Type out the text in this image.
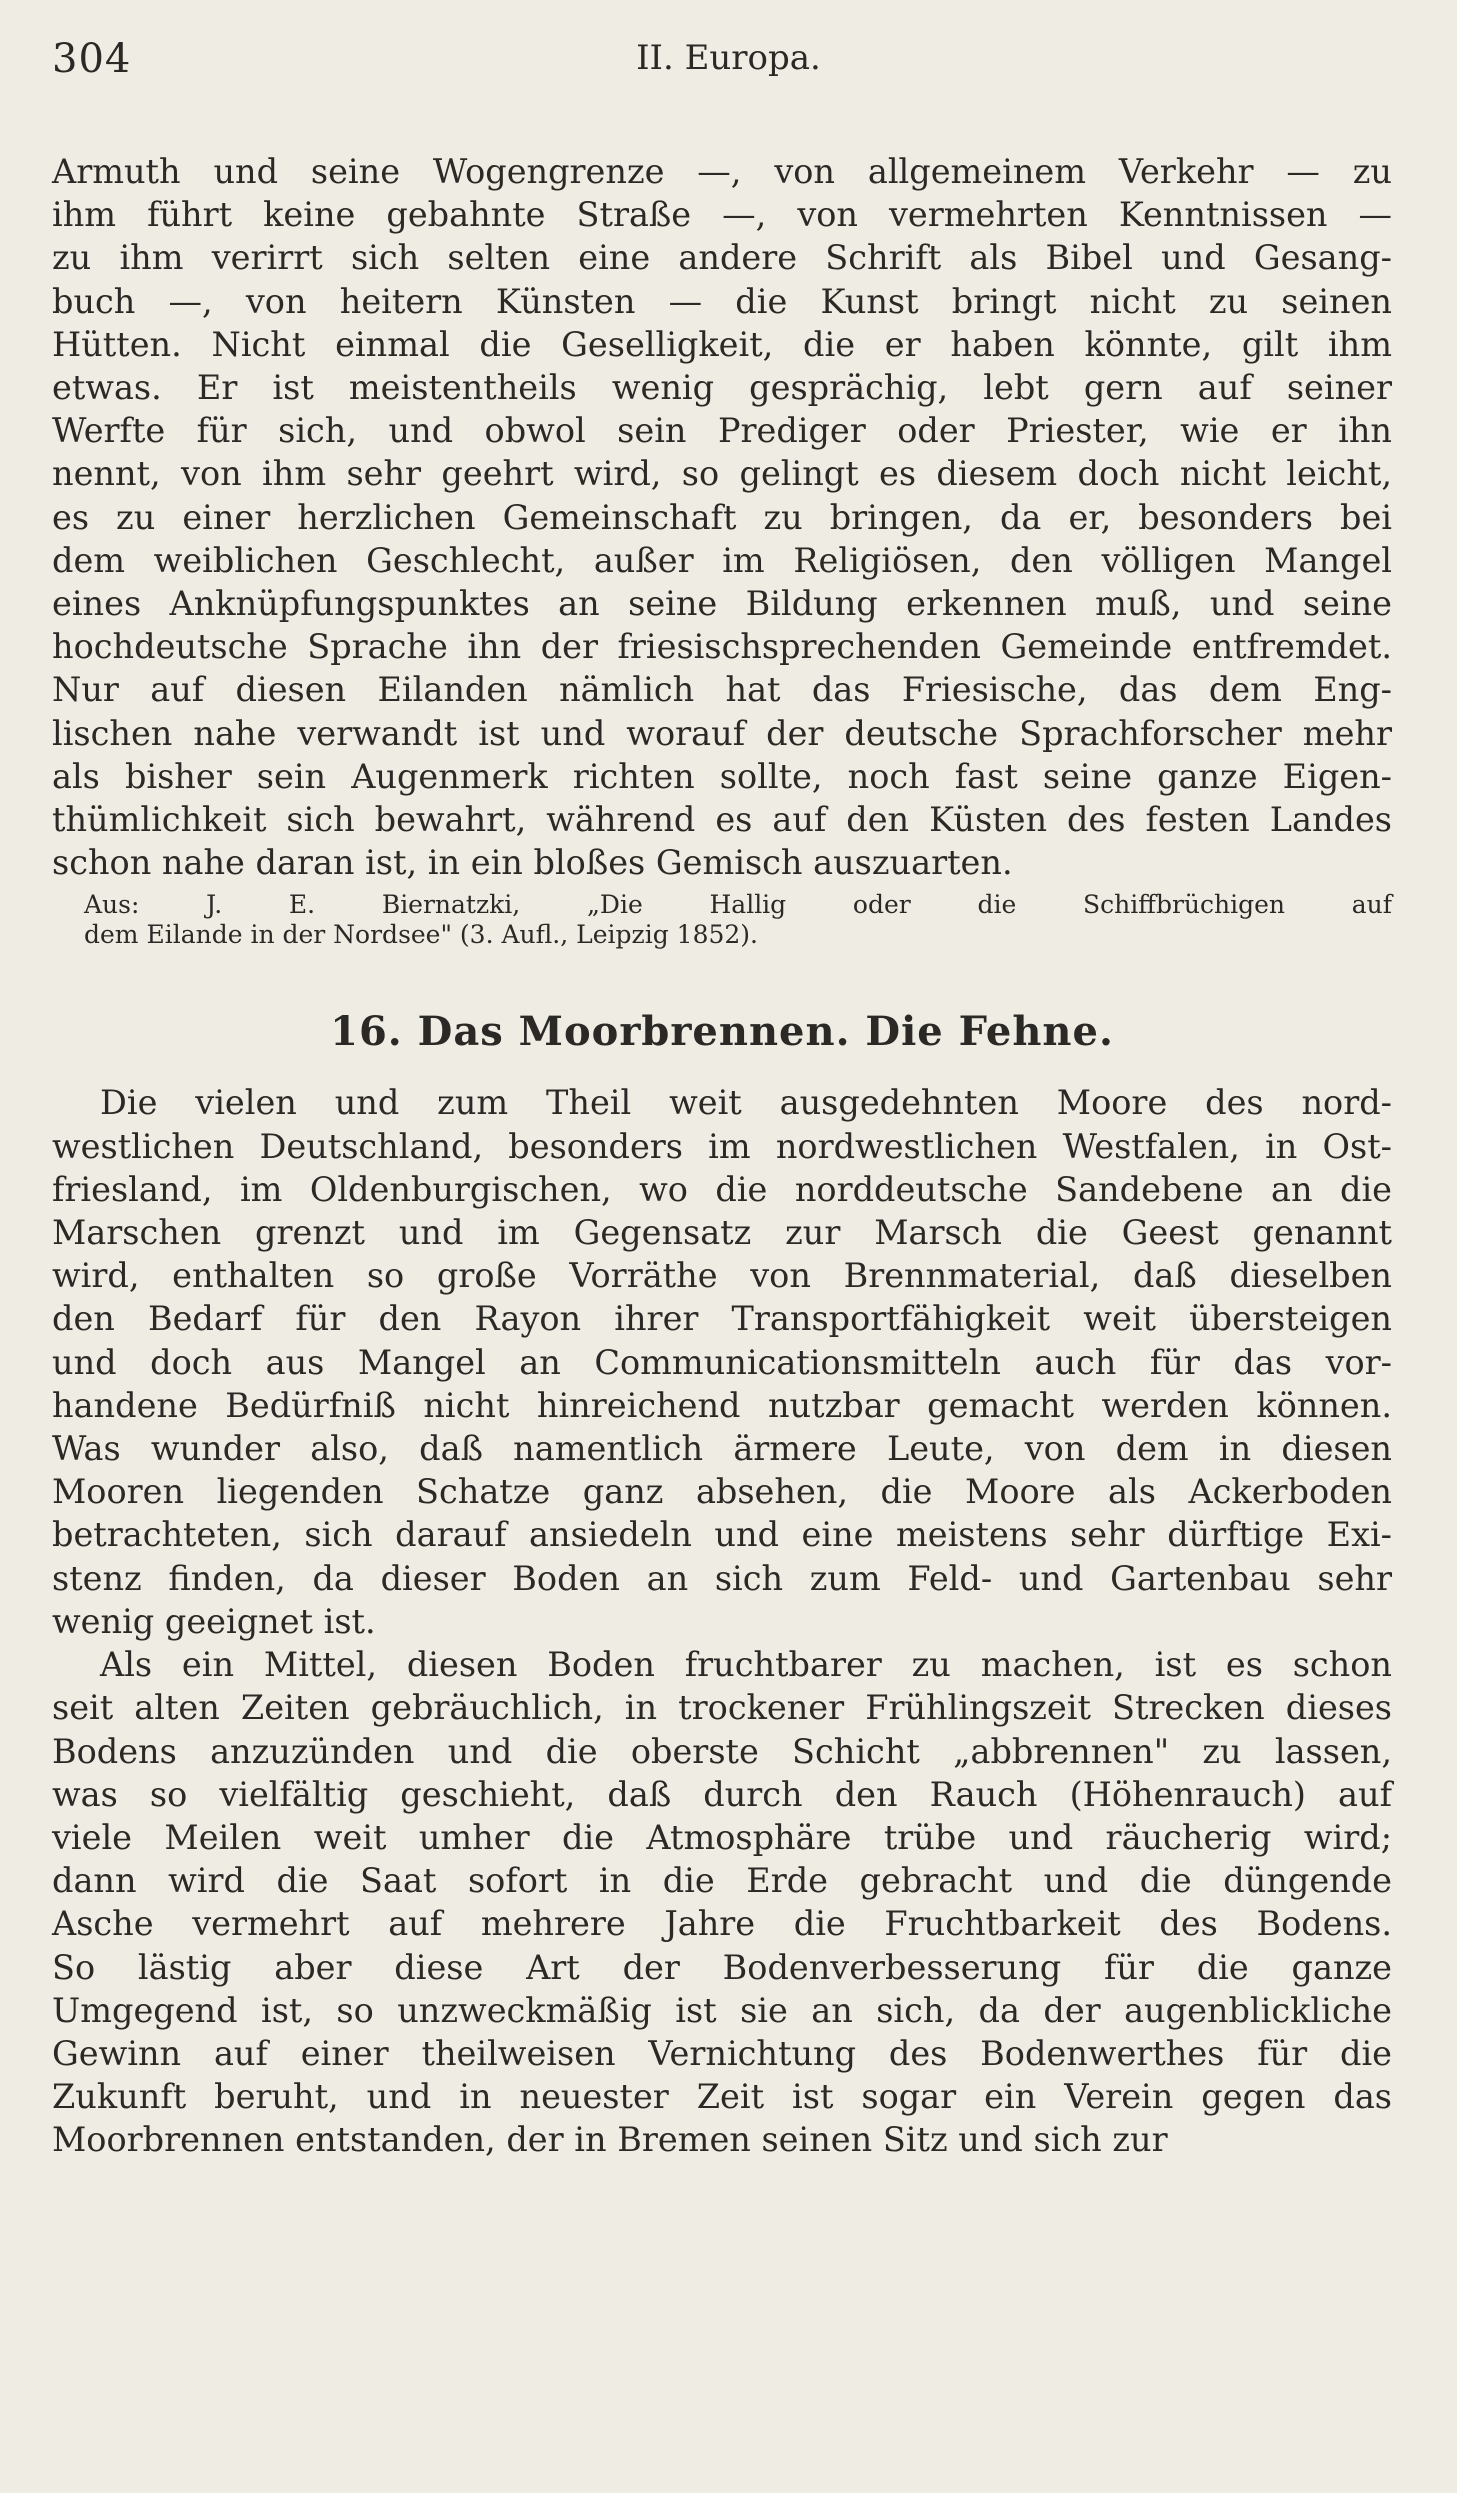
304	II. Europa.

Armuth und seine Wogengrenze —, von allgemeinem Verkehr — zu
ihm führt keine gebahnte Straße —, von vermehrten Kenntnissen —
zu ihm verirrt sich selten eine andere Schrift als Bibel und Gesang-
buch —, von heitern Künsten — die Kunst bringt nicht zu seinen
Hütten. Nicht einmal die Geselligkeit, die er haben könnte, gilt ihm
etwas. Er ist meistentheils wenig gesprächig, lebt gern auf seiner
Werfte für sich, und obwol sein Prediger oder Priester, wie er ihn
nennt, von ihm sehr geehrt wird, so gelingt es diesem doch nicht leicht,
es zu einer herzlichen Gemeinschaft zu bringen, da er, besonders bei
dem weiblichen Geschlecht, außer im Religiösen, den völligen Mangel
eines Anknüpfungspunktes an seine Bildung erkennen muß, und seine
hochdeutsche Sprache ihn der friesischsprechenden Gemeinde entfremdet.
Nur auf diesen Eilanden nämlich hat das Friesische, das dem Eng-
lischen nahe verwandt ist und worauf der deutsche Sprachforscher mehr
als bisher sein Augenmerk richten sollte, noch fast seine ganze Eigen-
thümlichkeit sich bewahrt, während es auf den Küsten des festen Landes
schon nahe daran ist, in ein bloßes Gemisch auszuarten.

Aus: J. E. Biernatzki, „Die Hallig oder die Schiffbrüchigen auf
dem Eilande in der Nordsee" (3. Aufl., Leipzig 1852).

16. Das Moorbrennen. Die Fehne.

Die vielen und zum Theil weit ausgedehnten Moore des nord-
westlichen Deutschland, besonders im nordwestlichen Westfalen, in Ost-
friesland, im Oldenburgischen, wo die norddeutsche Sandebene an die
Marschen grenzt und im Gegensatz zur Marsch die Geest genannt
wird, enthalten so große Vorräthe von Brennmaterial, daß dieselben
den Bedarf für den Rayon ihrer Transportfähigkeit weit übersteigen
und doch aus Mangel an Communicationsmitteln auch für das vor-
handene Bedürfniß nicht hinreichend nutzbar gemacht werden können.
Was wunder also, daß namentlich ärmere Leute, von dem in diesen
Mooren liegenden Schatze ganz absehen, die Moore als Ackerboden
betrachteten, sich darauf ansiedeln und eine meistens sehr dürftige Exi-
stenz finden, da dieser Boden an sich zum Feld- und Gartenbau sehr
wenig geeignet ist.

Als ein Mittel, diesen Boden fruchtbarer zu machen, ist es schon
seit alten Zeiten gebräuchlich, in trockener Frühlingszeit Strecken dieses
Bodens anzuzünden und die oberste Schicht „abbrennen" zu lassen,
was so vielfältig geschieht, daß durch den Rauch (Höhenrauch) auf
viele Meilen weit umher die Atmosphäre trübe und räucherig wird;
dann wird die Saat sofort in die Erde gebracht und die düngende
Asche vermehrt auf mehrere Jahre die Fruchtbarkeit des Bodens.
So lästig aber diese Art der Bodenverbesserung für die ganze
Umgegend ist, so unzweckmäßig ist sie an sich, da der augenblickliche
Gewinn auf einer theilweisen Vernichtung des Bodenwerthes für die
Zukunft beruht, und in neuester Zeit ist sogar ein Verein gegen das
Moorbrennen entstanden, der in Bremen seinen Sitz und sich zur
